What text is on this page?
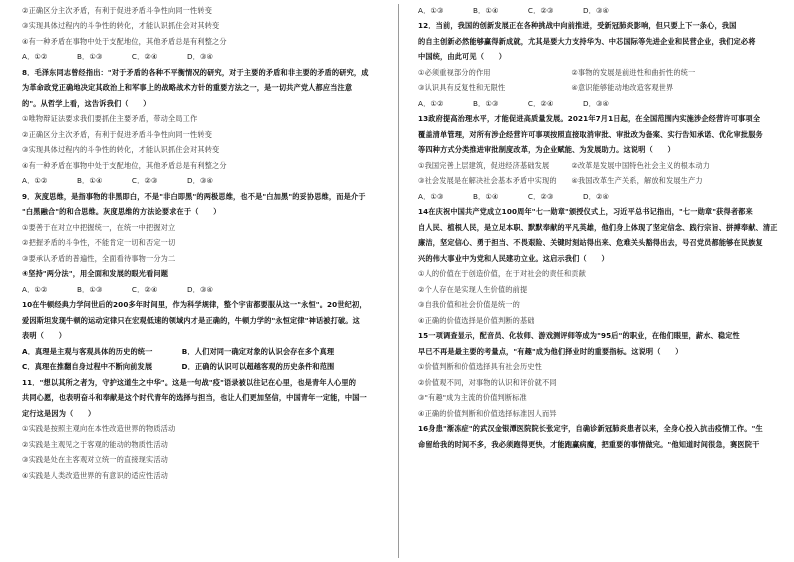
②正确区分主次矛盾，有利于促进矛盾斗争性向同一性转变
③实现具体过程内的斗争性的转化，才能认识抓住会对其转变
④有一种矛盾在事物中处于支配地位，其他矛盾总是有利整之分
A．①②　　　　B．①③　　　　C．②④　　　　D．③④
8．毛泽东同志曾经指出："对于矛盾的各种不平衡情况的研究，对于主要的矛盾和非主要的矛盾的研究，成
为革命政党正确地决定其政治上和军事上的战略战术方针的重要方法之一，是一切共产党人都应当注意
的"。从哲学上看，这告诉我们（　　）
①唯物辩证法要求我们要抓住主要矛盾，带动全局工作
②正确区分主次矛盾，有利于促进矛盾斗争性向同一性转变
③实现具体过程内的斗争性的转化，才能认识抓住会对其转变
④有一种矛盾在事物中处于支配地位，其他矛盾总是有利整之分
A．①②　　　　B．①④　　　　C．②③　　　　D．③④
9．灰度思维，是指事物的非黑即白，不是"非白即黑"的两极思维，也不是"白加黑"的妥协思维，而是介于
"白黑融合"的和合思维。灰度思维的方法论要求在于（　　）
①要善于在对立中把握统一，在统一中把握对立
②把握矛盾的斗争性，不能肯定一切和否定一切
③要承认矛盾的普遍性，全面看待事物一分为二
④坚持"两分法"，用全面和发展的眼光看问题
A．①②　　　　B．①③　　　　C．②④　　　　D．③④
10在牛顿经典力学问世后的200多年时间里，作为科学规律，整个宇宙都要服从这一"永恒"。20世纪初，
爱因斯坦发现牛顿的运动定律只在宏观低速的领域内才是正确的，牛顿力学的"永恒定律"神话被打破。这
表明（　　）
A．真理是主观与客观具体的历史的统一　　　　B．人们对同一确定对象的认识会存在多个真理
C．真理在推翻自身过程中不断向前发展　　　　D．正确的认识可以超越客观的历史条件和范围
11．"想以其所之者为，守护这道生之中华"。这是一句战"疫"语录被以往记在心里，也是青年人心里的
共同心愿，也表明奋斗和奉献是这个时代青年的选择与担当，也让人们更加坚信，中国青年一定能，中国一
定行这是因为（　　）
①实践是按照主观向在本性改造世界的物质活动
②实践是主观见之于客观的能动的物质性活动
③实践是处在主客观对立统一的直接现实活动
④实践是人类改造世界的有意识的适应性活动
A．①③　　　　B．①④　　　　C．②③　　　　D．③④
12．当前，我国的创新发展正在各种挑战中向前推进，受新冠肺炎影响，但只要上下一条心，我国
的自主创新必然能够赢得新成就，尤其是要大力支持华为、中芯国际等先进企业和民营企业，我们定必将
中国统，由此可见（　　）
①必须重视部分的作用　　　　　　　　　　　②事物的发展是前进性和曲折性的统一
③认识具有反复性和无限性　　　　　　　　　④意识能够能动地改造客观世界
A．①②　　　　B．①③　　　　C．②④　　　　D．③④
13政府提高治理水平，才能促进高质量发展。2021年7月1日起，在全国范围内实施涉企经营许可事项全
覆盖清单管理，对所有涉企经营许可事项按照直接取消审批、审批改为备案、实行告知承诺、优化审批服务
等四种方式分类推进审批制度改革，为企业赋能、为发展助力。这说明（　　）
①我国完善上层建筑，促进经济基础发展　　　②改革是发展中国特色社会主义的根本动力
③社会发展是在解决社会基本矛盾中实现的　　④我国改革生产关系，解放和发展生产力
A．①③　　　　B．①④　　　　C．②③　　　　D．②④
14在庆祝中国共产党成立100周年"七一勋章"颁授仪式上，习近平总书记指出，"七一勋章"获得者都来
自人民、植根人民，是立足本职、默默奉献的平凡英雄，他们身上体现了坚定信念、践行宗旨、拼搏奉献、清正
廉洁，坚定信心、勇于担当、不畏艰险、关键时刻站得出来、危难关头豁得出去，号召党员都能够在民族复
兴的伟大事业中为党和人民建功立业。这启示我们（　　）
①人的价值在于创造价值，在于对社会的责任和贡献
②个人存在是实现人生价值的前提
③自我价值和社会价值是统一的
④正确的价值选择是价值判断的基础
15一项调查显示，配音员、化妆师、游戏测评师等成为"95后"的职业，在他们眼里，薪水、稳定性
早已不再是最主要的考量点，"有趣"成为他们择业时的重要指标。这说明（　　）
①价值判断和价值选择具有社会历史性
②价值观不同，对事物的认识和评价就不同
③"有趣"成为主流的价值判断标准
④正确的价值判断和价值选择标准因人而异
16身患"渐冻症"的武汉金银潭医院院长张定宇，自确诊新冠肺炎患者以来，全身心投入抗击疫情工作。"生
命留给我的时间不多，我必须跑得更快，才能跑赢病魔，把重要的事情做完。"他知道时间很急，赛医院干
